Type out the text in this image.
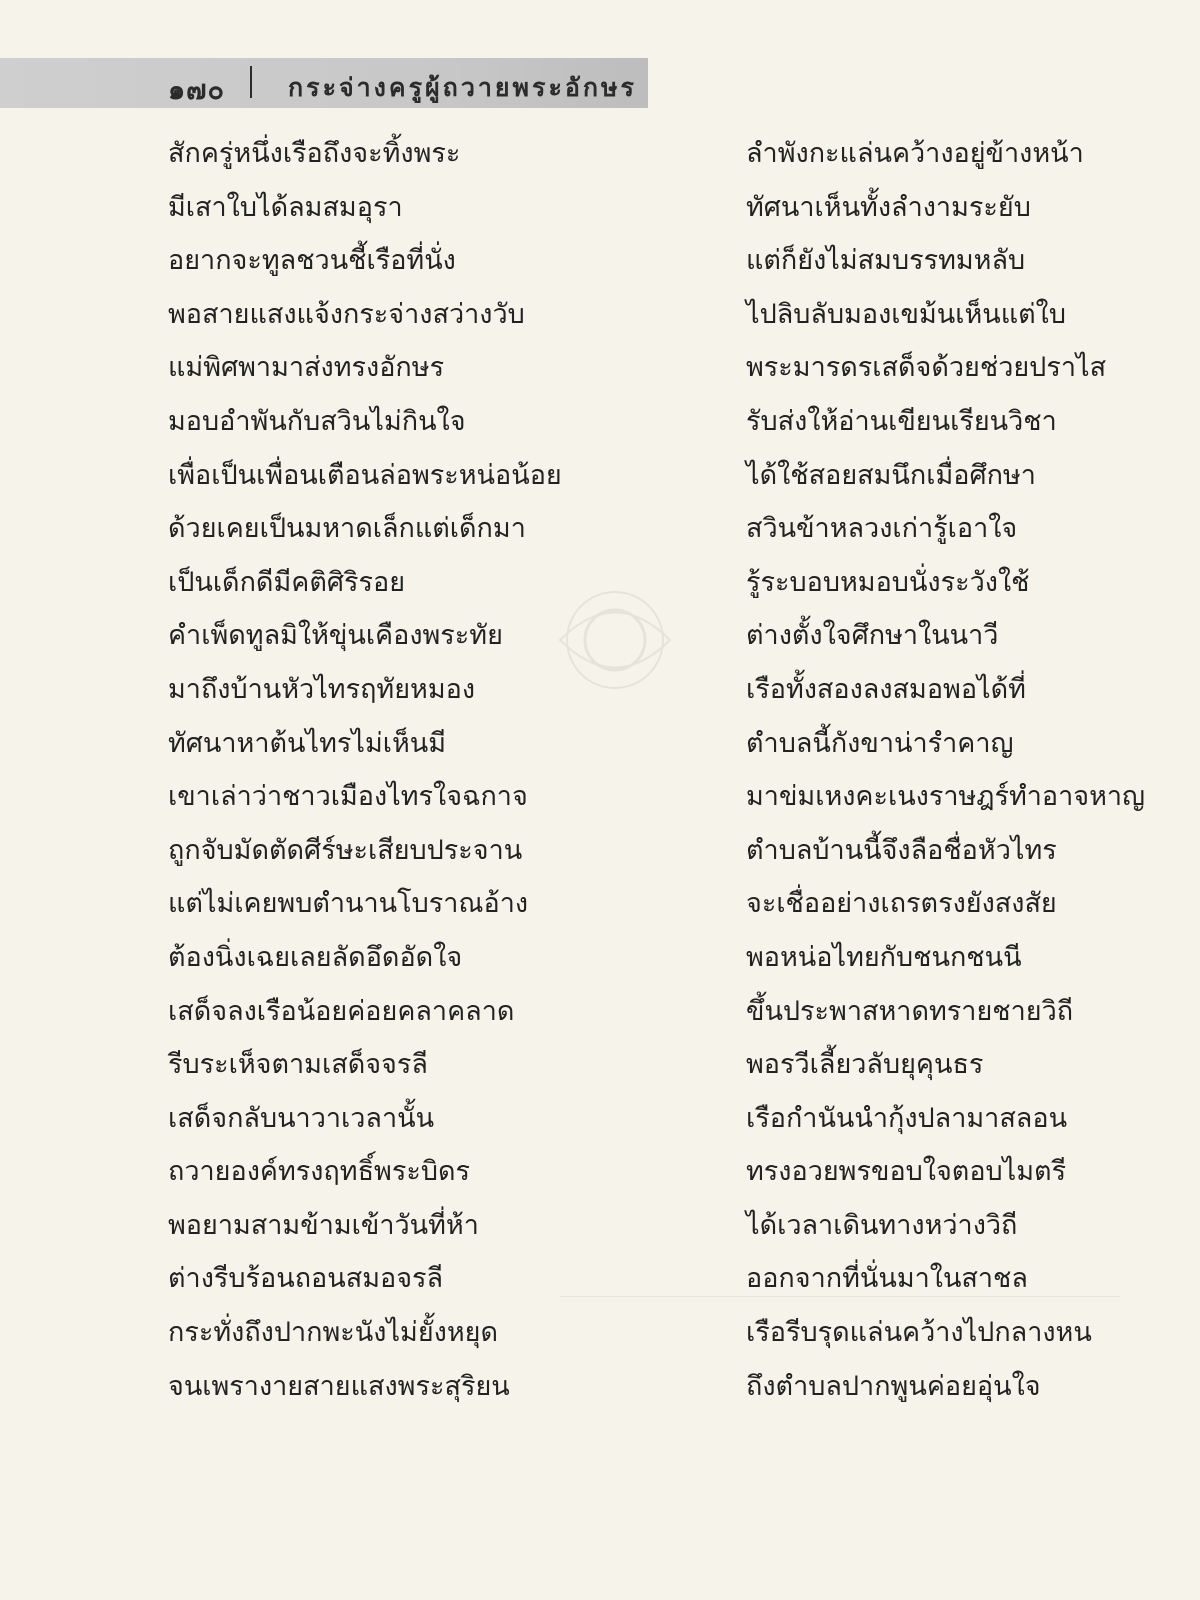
๑๗๐	กระจ่างครูผู้ถวายพระอักษร
สักครู่หนึ่งเรือถึงจะทิ้งพระ	ลำพังกะแล่นคว้างอยู่ข้างหน้า
มีเสาใบได้ลมสมอุรา	ทัศนาเห็นทั้งลำงามระยับ
อยากจะทูลชวนชี้เรือที่นั่ง	แต่ก็ยังไม่สมบรรทมหลับ
พอสายแสงแจ้งกระจ่างสว่างวับ	ไปลิบลับมองเขม้นเห็นแต่ใบ
แม่พิศพามาส่งทรงอักษร	พระมารดรเสด็จด้วยช่วยปราไส
มอบอำพันกับสวินไม่กินใจ	รับส่งให้อ่านเขียนเรียนวิชา
เพื่อเป็นเพื่อนเตือนล่อพระหน่อน้อย	ได้ใช้สอยสมนึกเมื่อศึกษา
ด้วยเคยเป็นมหาดเล็กแต่เด็กมา	สวินข้าหลวงเก่ารู้เอาใจ
เป็นเด็กดีมีคติศิริรอย	รู้ระบอบหมอบนั่งระวังใช้
คำเพ็ดทูลมิให้ขุ่นเคืองพระทัย	ต่างตั้งใจศึกษาในนาวี
มาถึงบ้านหัวไทรฤทัยหมอง	เรือทั้งสองลงสมอพอได้ที่
ทัศนาหาต้นไทรไม่เห็นมี	ตำบลนี้กังขาน่ารำคาญ
เขาเล่าว่าชาวเมืองไทรใจฉกาจ	มาข่มเหงคะเนงราษฎร์ทำอาจหาญ
ถูกจับมัดตัดศีร์ษะเสียบประจาน	ตำบลบ้านนี้จึงลือชื่อหัวไทร
แต่ไม่เคยพบตำนานโบราณอ้าง	จะเชื่ออย่างเถรตรงยังสงสัย
ต้องนิ่งเฉยเลยลัดอึดอัดใจ	พอหน่อไทยกับชนกชนนี
เสด็จลงเรือน้อยค่อยคลาคลาด	ขึ้นประพาสหาดทรายชายวิถี
รีบระเห็จตามเสด็จจรลี	พอรวีเลี้ยวลับยุคุนธร
เสด็จกลับนาวาเวลานั้น	เรือกำนันนำกุ้งปลามาสลอน
ถวายองค์ทรงฤทธิ์พระบิดร	ทรงอวยพรขอบใจตอบไมตรี
พอยามสามข้ามเข้าวันที่ห้า	ได้เวลาเดินทางหว่างวิถี
ต่างรีบร้อนถอนสมอจรลี	ออกจากที่นั่นมาในสาชล
กระทั่งถึงปากพะนังไม่ยั้งหยุด	เรือรีบรุดแล่นคว้างไปกลางหน
จนเพรางายสายแสงพระสุริยน	ถึงตำบลปากพูนค่อยอุ่นใจ
